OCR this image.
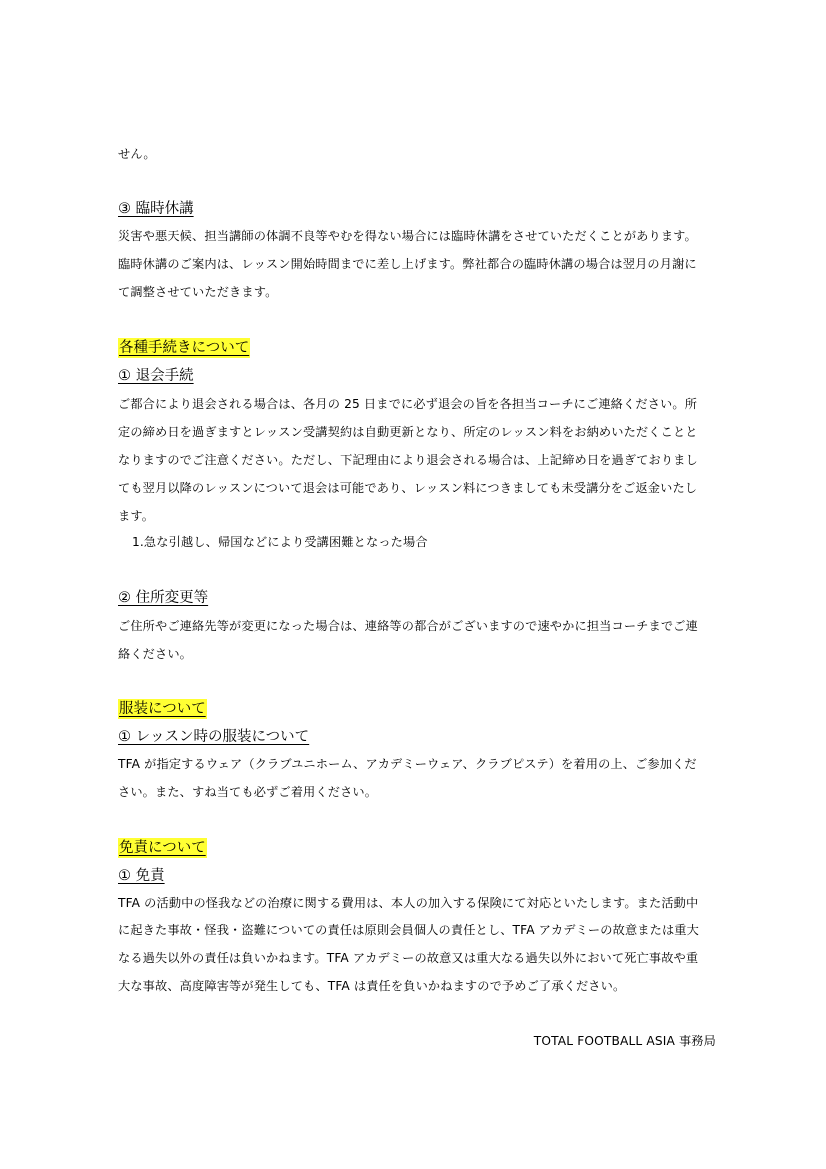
せん。
③ 臨時休講
災害や悪天候、担当講師の体調不良等やむを得ない場合には臨時休講をさせていただくことがあります。
臨時休講のご案内は、レッスン開始時間までに差し上げます。弊社都合の臨時休講の場合は翌月の月謝に
て調整させていただきます。
各種手続きについて
① 退会手続
ご都合により退会される場合は、各月の 25 日までに必ず退会の旨を各担当コーチにご連絡ください。所
定の締め日を過ぎますとレッスン受講契約は自動更新となり、所定のレッスン料をお納めいただくことと
なりますのでご注意ください。ただし、下記理由により退会される場合は、上記締め日を過ぎておりまし
ても翌月以降のレッスンについて退会は可能であり、レッスン料につきましても未受講分をご返金いたし
ます。
1.急な引越し、帰国などにより受講困難となった場合
② 住所変更等
ご住所やご連絡先等が変更になった場合は、連絡等の都合がございますので速やかに担当コーチまでご連
絡ください。
服装について
① レッスン時の服装について
TFA が指定するウェア（クラブユニホーム、アカデミーウェア、クラブピステ）を着用の上、ご参加くだ
さい。また、すね当ても必ずご着用ください。
免責について
① 免責
TFA の活動中の怪我などの治療に関する費用は、本人の加入する保険にて対応といたします。また活動中
に起きた事故・怪我・盗難についての責任は原則会員個人の責任とし、TFA アカデミーの故意または重大
なる過失以外の責任は負いかねます。TFA アカデミーの故意又は重大なる過失以外において死亡事故や重
大な事故、高度障害等が発生しても、TFA は責任を負いかねますので予めご了承ください。
TOTAL FOOTBALL ASIA 事務局
